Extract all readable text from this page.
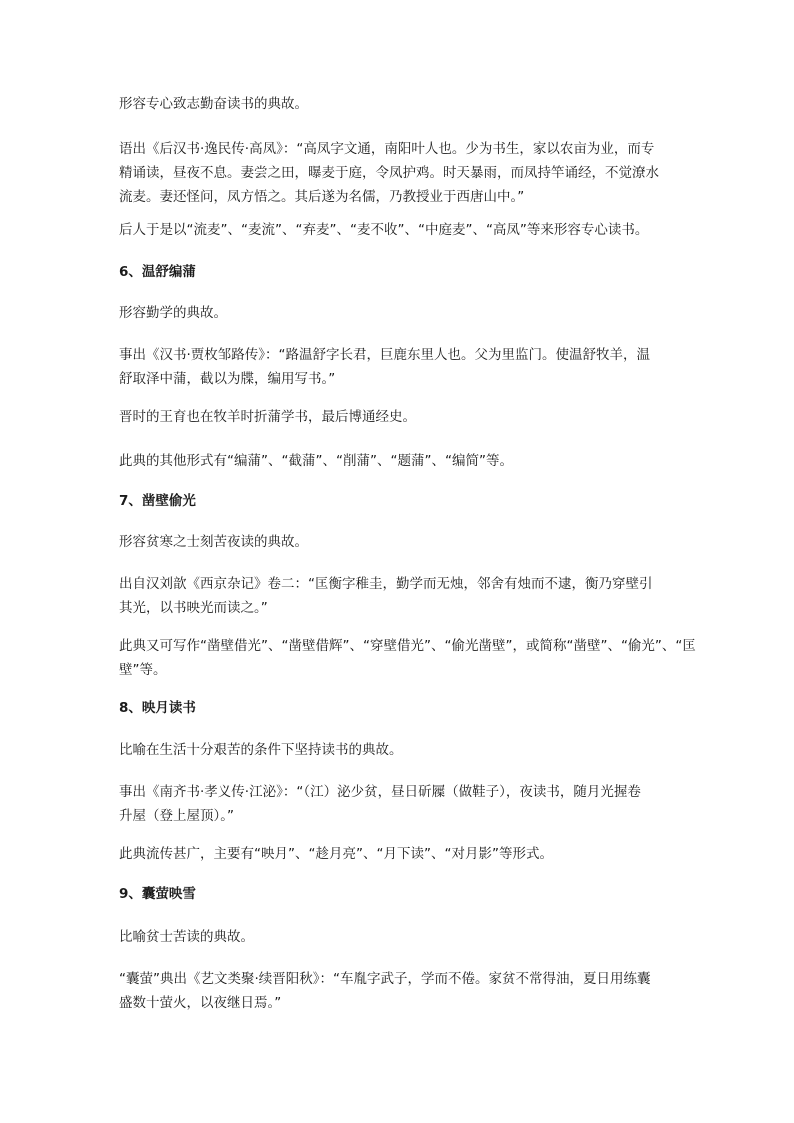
形容专心致志勤奋读书的典故。

语出《后汉书·逸民传·高凤》：“高凤字文通，南阳叶人也。少为书生，家以农亩为业，而专
精诵读，昼夜不息。妻尝之田，曝麦于庭，令凤护鸡。时天暴雨，而凤持竿诵经，不觉潦水
流麦。妻还怪问，凤方悟之。其后遂为名儒，乃教授业于西唐山中。”

后人于是以“流麦”、“麦流”、“弃麦”、“麦不收”、“中庭麦”、“高凤”等来形容专心读书。

6、温舒编蒲

形容勤学的典故。

事出《汉书·贾枚邹路传》：“路温舒字长君，巨鹿东里人也。父为里监门。使温舒牧羊，温
舒取泽中蒲，截以为牒，编用写书。”

晋时的王育也在牧羊时折蒲学书，最后博通经史。

此典的其他形式有“编蒲”、“截蒲”、“削蒲”、“题蒲”、“编简”等。

7、凿壁偷光

形容贫寒之士刻苦夜读的典故。

出自汉刘歆《西京杂记》卷二：“匡衡字稚圭，勤学而无烛，邻舍有烛而不逮，衡乃穿壁引
其光，以书映光而读之。”

此典又可写作“凿壁借光”、“凿壁借辉”、“穿壁借光”、“偷光凿壁”，或简称“凿壁”、“偷光”、“匡
壁”等。

8、映月读书

比喻在生活十分艰苦的条件下坚持读书的典故。

事出《南齐书·孝义传·江泌》：“（江）泌少贫，昼日斫屧（做鞋子），夜读书，随月光握卷
升屋（登上屋顶）。”

此典流传甚广，主要有“映月”、“趁月亮”、“月下读”、“对月影”等形式。

9、囊萤映雪

比喻贫士苦读的典故。

“囊萤”典出《艺文类聚·续晋阳秋》：“车胤字武子，学而不倦。家贫不常得油，夏日用练囊
盛数十萤火，以夜继日焉。”
